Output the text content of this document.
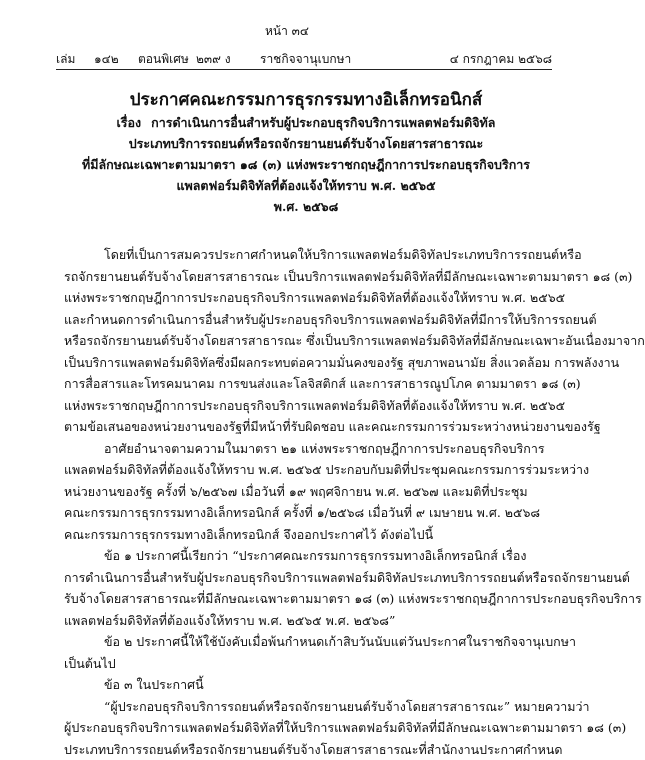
หน้า ๓๔
เล่ม ๑๔๒ ตอนพิเศษ ๒๓๙ ง ราชกิจจานุเบกษา	๔ กรกฎาคม ๒๕๖๘
ประกาศคณะกรรมการธุรกรรมทางอิเล็กทรอนิกส์
เรื่อง การดำเนินการอื่นสำหรับผู้ประกอบธุรกิจบริการแพลตฟอร์มดิจิทัล
ประเภทบริการรถยนต์หรือรถจักรยานยนต์รับจ้างโดยสารสาธารณะ
ที่มีลักษณะเฉพาะตามมาตรา ๑๘ (๓) แห่งพระราชกฤษฎีกาการประกอบธุรกิจบริการ
แพลตฟอร์มดิจิทัลที่ต้องแจ้งให้ทราบ พ.ศ. ๒๕๖๕
พ.ศ. ๒๕๖๘
โดยที่เป็นการสมควรประกาศกำหนดให้บริการแพลตฟอร์มดิจิทัลประเภทบริการรถยนต์หรือ
รถจักรยานยนต์รับจ้างโดยสารสาธารณะ เป็นบริการแพลตฟอร์มดิจิทัลที่มีลักษณะเฉพาะตามมาตรา ๑๘ (๓)
แห่งพระราชกฤษฎีกาการประกอบธุรกิจบริการแพลตฟอร์มดิจิทัลที่ต้องแจ้งให้ทราบ พ.ศ. ๒๕๖๕
และกำหนดการดำเนินการอื่นสำหรับผู้ประกอบธุรกิจบริการแพลตฟอร์มดิจิทัลที่มีการให้บริการรถยนต์
หรือรถจักรยานยนต์รับจ้างโดยสารสาธารณะ ซึ่งเป็นบริการแพลตฟอร์มดิจิทัลที่มีลักษณะเฉพาะอันเนื่องมาจาก
เป็นบริการแพลตฟอร์มดิจิทัลซึ่งมีผลกระทบต่อความมั่นคงของรัฐ สุขภาพอนามัย สิ่งแวดล้อม การพลังงาน
การสื่อสารและโทรคมนาคม การขนส่งและโลจิสติกส์ และการสาธารณูปโภค ตามมาตรา ๑๘ (๓)
แห่งพระราชกฤษฎีกาการประกอบธุรกิจบริการแพลตฟอร์มดิจิทัลที่ต้องแจ้งให้ทราบ พ.ศ. ๒๕๖๕
ตามข้อเสนอของหน่วยงานของรัฐที่มีหน้าที่รับผิดชอบ และคณะกรรมการร่วมระหว่างหน่วยงานของรัฐ
อาศัยอำนาจตามความในมาตรา ๒๑ แห่งพระราชกฤษฎีกาการประกอบธุรกิจบริการ
แพลตฟอร์มดิจิทัลที่ต้องแจ้งให้ทราบ พ.ศ. ๒๕๖๕ ประกอบกับมติที่ประชุมคณะกรรมการร่วมระหว่าง
หน่วยงานของรัฐ ครั้งที่ ๖/๒๕๖๗ เมื่อวันที่ ๑๙ พฤศจิกายน พ.ศ. ๒๕๖๗ และมติที่ประชุม
คณะกรรมการธุรกรรมทางอิเล็กทรอนิกส์ ครั้งที่ ๑/๒๕๖๘ เมื่อวันที่ ๙ เมษายน พ.ศ. ๒๕๖๘
คณะกรรมการธุรกรรมทางอิเล็กทรอนิกส์ จึงออกประกาศไว้ ดังต่อไปนี้
ข้อ ๑ ประกาศนี้เรียกว่า “ประกาศคณะกรรมการธุรกรรมทางอิเล็กทรอนิกส์ เรื่อง
การดำเนินการอื่นสำหรับผู้ประกอบธุรกิจบริการแพลตฟอร์มดิจิทัลประเภทบริการรถยนต์หรือรถจักรยานยนต์
รับจ้างโดยสารสาธารณะที่มีลักษณะเฉพาะตามมาตรา ๑๘ (๓) แห่งพระราชกฤษฎีกาการประกอบธุรกิจบริการ
แพลตฟอร์มดิจิทัลที่ต้องแจ้งให้ทราบ พ.ศ. ๒๕๖๕ พ.ศ. ๒๕๖๘”
ข้อ ๒ ประกาศนี้ให้ใช้บังคับเมื่อพ้นกำหนดเก้าสิบวันนับแต่วันประกาศในราชกิจจานุเบกษา
เป็นต้นไป
ข้อ ๓ ในประกาศนี้
“ผู้ประกอบธุรกิจบริการรถยนต์หรือรถจักรยานยนต์รับจ้างโดยสารสาธารณะ” หมายความว่า
ผู้ประกอบธุรกิจบริการแพลตฟอร์มดิจิทัลที่ให้บริการแพลตฟอร์มดิจิทัลที่มีลักษณะเฉพาะตามมาตรา ๑๘ (๓)
ประเภทบริการรถยนต์หรือรถจักรยานยนต์รับจ้างโดยสารสาธารณะที่สำนักงานประกาศกำหนด
